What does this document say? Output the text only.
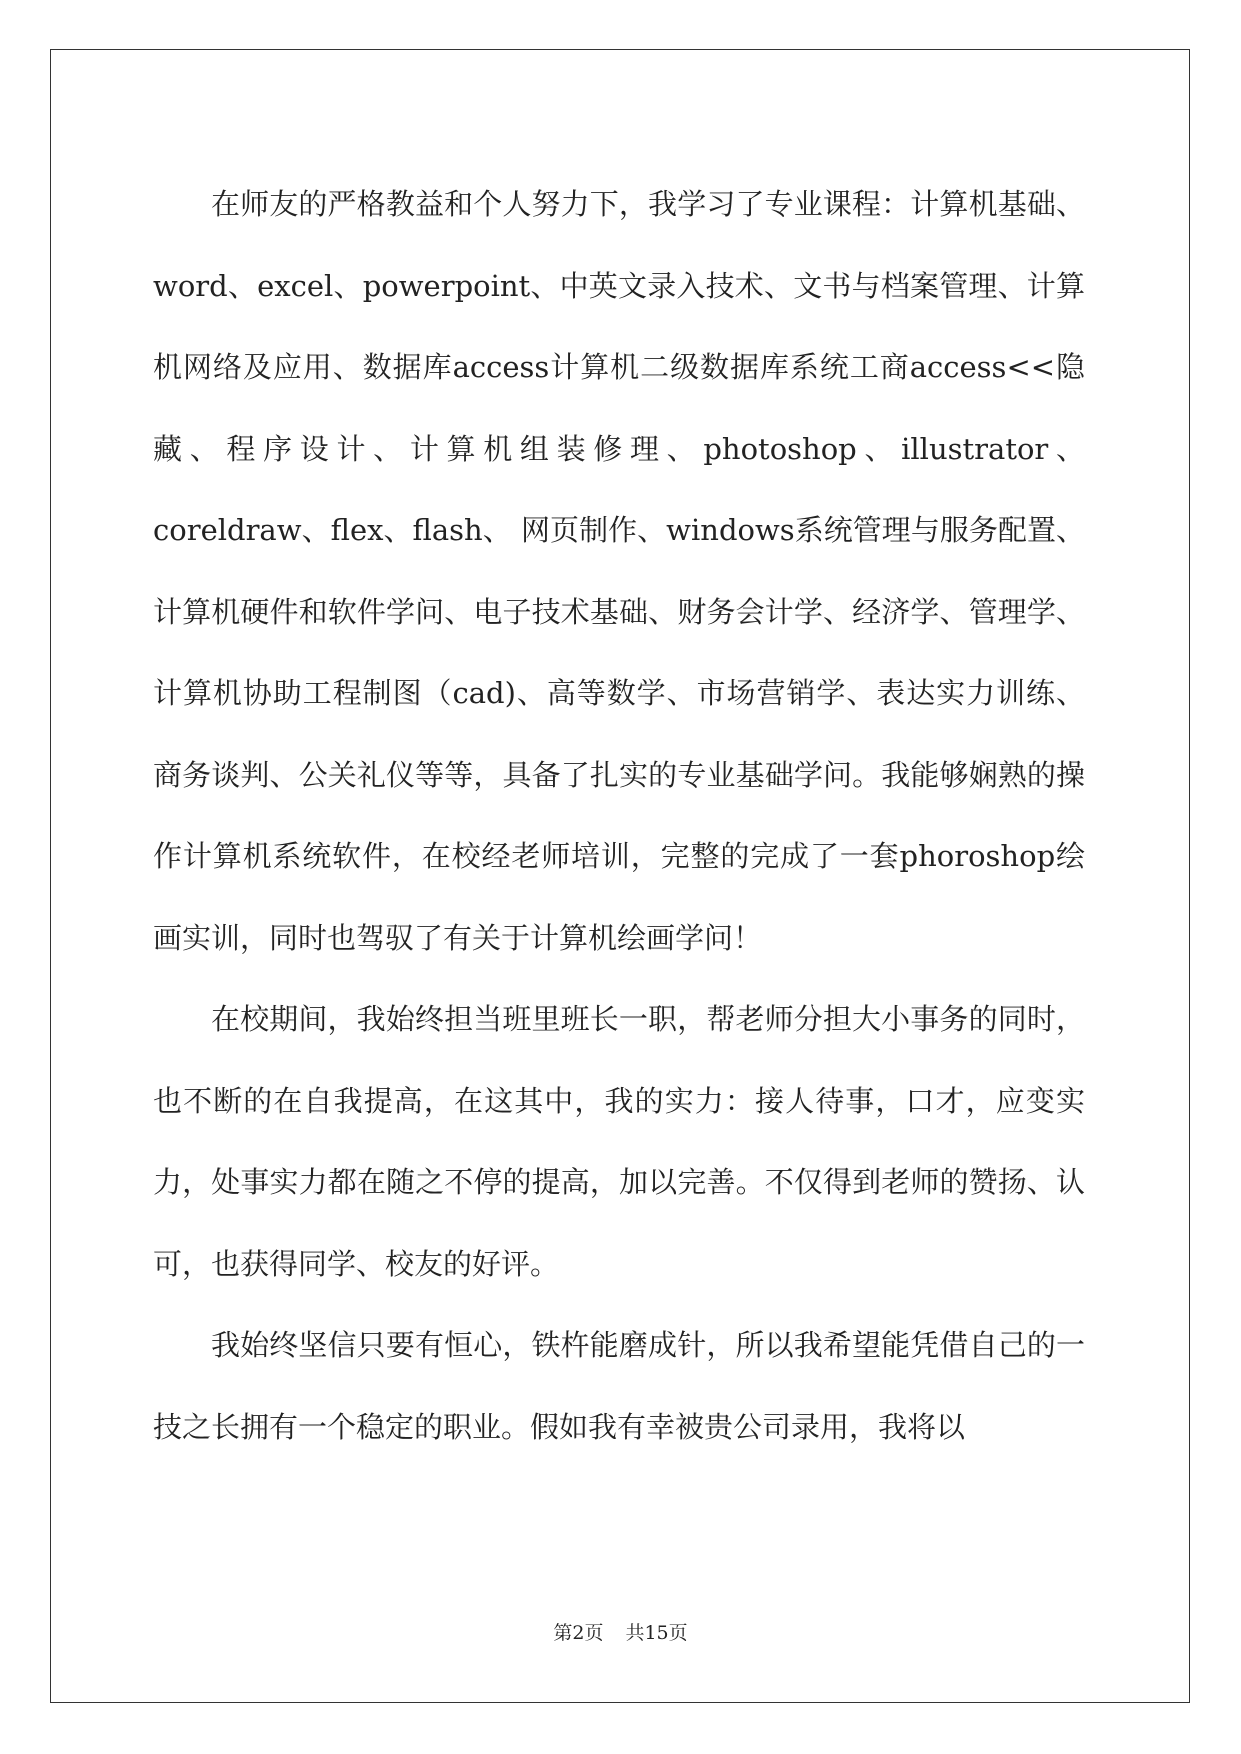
在师友的严格教益和个人努力下，我学习了专业课程：计算机基础、word、excel、powerpoint、中英文录入技术、文书与档案管理、计算机网络及应用、数据库access计算机二级数据库系统工商access<<隐藏、程序设计、计算机组装修理、photoshop、illustrator、coreldraw、flex、flash、 网页制作、windows系统管理与服务配置、计算机硬件和软件学问、电子技术基础、财务会计学、经济学、管理学、计算机协助工程制图（cad)、高等数学、市场营销学、表达实力训练、商务谈判、公关礼仪等等，具备了扎实的专业基础学问。我能够娴熟的操作计算机系统软件，在校经老师培训，完整的完成了一套phoroshop绘画实训，同时也驾驭了有关于计算机绘画学问！

在校期间，我始终担当班里班长一职，帮老师分担大小事务的同时，也不断的在自我提高，在这其中，我的实力：接人待事，口才，应变实力，处事实力都在随之不停的提高，加以完善。不仅得到老师的赞扬、认可，也获得同学、校友的好评。

我始终坚信只要有恒心，铁杵能磨成针，所以我希望能凭借自己的一技之长拥有一个稳定的职业。假如我有幸被贵公司录用，我将以

第2页 共15页
